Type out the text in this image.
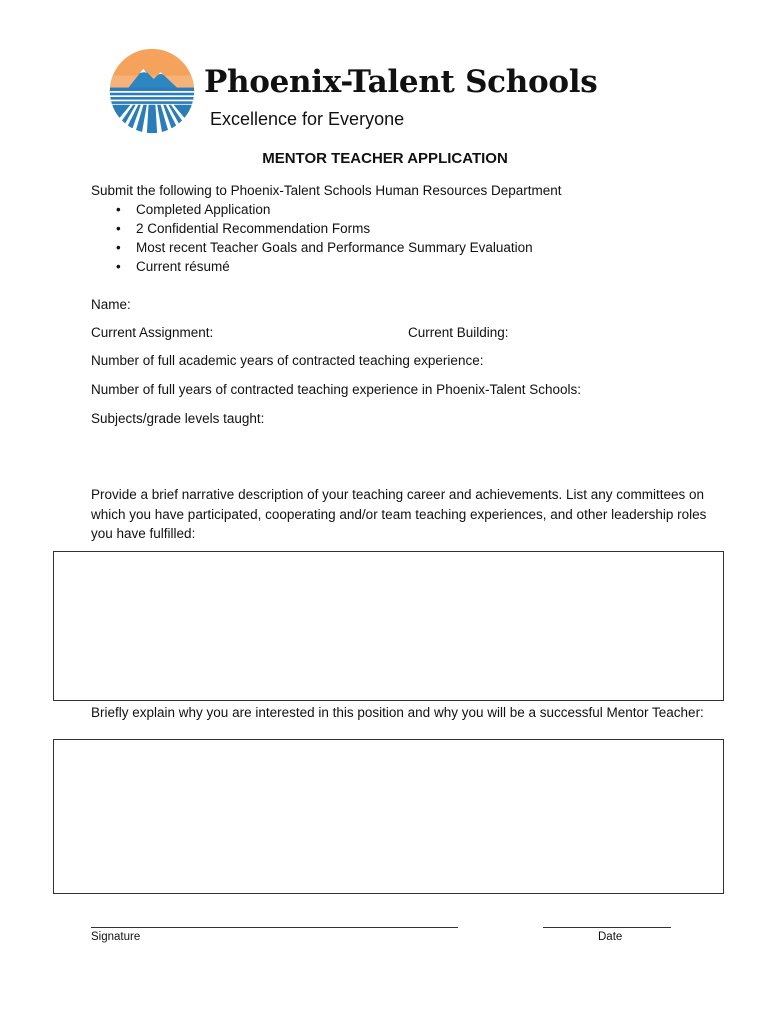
Phoenix-Talent Schools
Excellence for Everyone
MENTOR TEACHER APPLICATION
Submit the following to Phoenix-Talent Schools Human Resources Department
• Completed Application
• 2 Confidential Recommendation Forms
• Most recent Teacher Goals and Performance Summary Evaluation
• Current résumé
Name:
Current Assignment:	Current Building:
Number of full academic years of contracted teaching experience:
Number of full years of contracted teaching experience in Phoenix-Talent Schools:
Subjects/grade levels taught:
Provide a brief narrative description of your teaching career and achievements. List any committees on which you have participated, cooperating and/or team teaching experiences, and other leadership roles you have fulfilled:
Briefly explain why you are interested in this position and why you will be a successful Mentor Teacher:
Signature	Date
